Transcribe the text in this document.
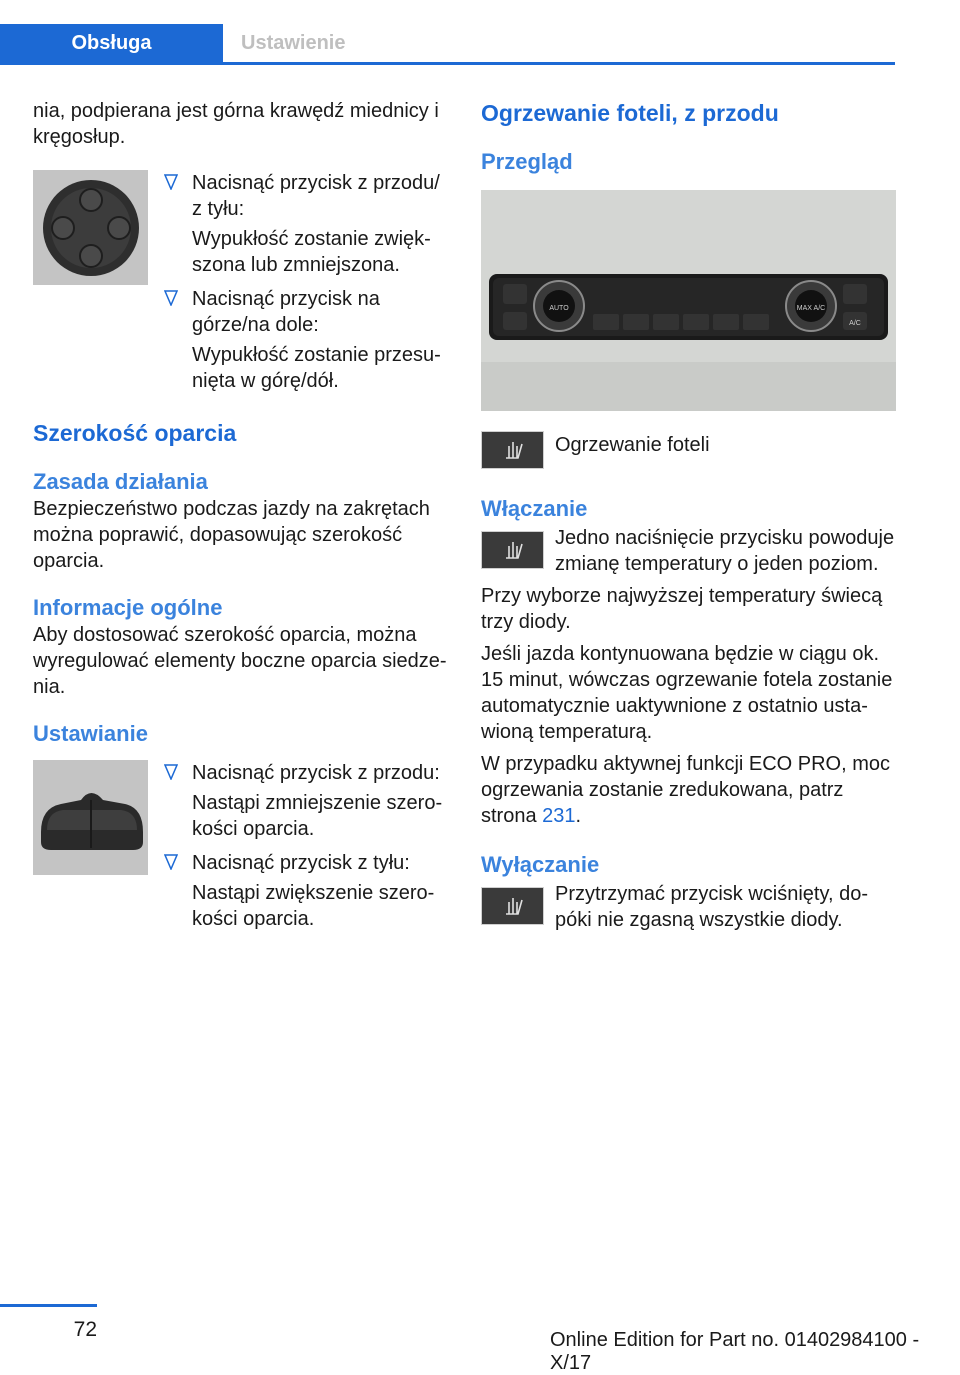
Obsługa	Ustawienie

nia, podpierana jest górna krawędź miednicy i kręgosłup.

Nacisnąć przycisk z przodu/ z tyłu:

Wypukłość zostanie zwięk- szona lub zmniejszona.

Nacisnąć przycisk na górze/na dole:

Wypukłość zostanie przesu- nięta w górę/dół.

Szerokość oparcia
Zasada działania

Bezpieczeństwo podczas jazdy na zakrętach można poprawić, dopasowując szerokość oparcia.

Informacje ogólne

Aby dostosować szerokość oparcia, można wyregulować elementy boczne oparcia siedze- nia.

Ustawianie

Nacisnąć przycisk z przodu:

Nastąpi zmniejszenie szero- kości oparcia.

Nacisnąć przycisk z tyłu:

Nastąpi zwiększenie szero- kości oparcia.

Ogrzewanie foteli, z przodu
Przegląd
AUTO	MAX A/C
A/C

Ogrzewanie foteli

Włączanie

Jedno naciśnięcie przycisku powoduje zmianę temperatury o jeden poziom.

Przy wyborze najwyższej temperatury świecą trzy diody.

Jeśli jazda kontynuowana będzie w ciągu ok. 15 minut, wówczas ogrzewanie fotela zostanie automatycznie uaktywnione z ostatnio usta- wioną temperaturą.

W przypadku aktywnej funkcji ECO PRO, moc ogrzewania zostanie zredukowana, patrz strona 231.

Wyłączanie

Przytrzymać przycisk wciśnięty, do- póki nie zgasną wszystkie diody.

72	Online Edition for Part no. 01402984100 - X/17
